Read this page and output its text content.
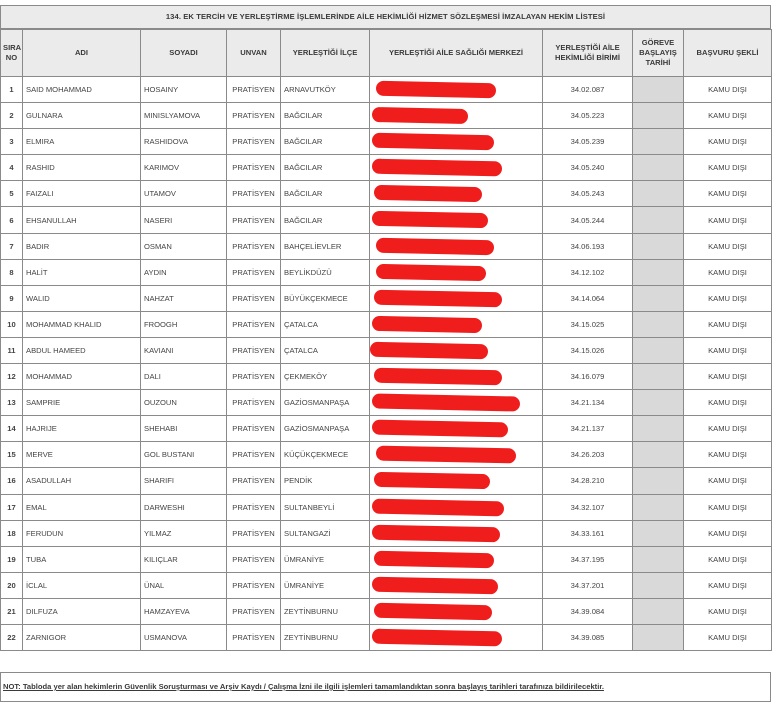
134. EK TERCİH VE YERLEŞTİRME İŞLEMLERİNDE AİLE HEKİMLİĞİ HİZMET SÖZLEŞMESİ İMZALAYAN HEKİM LİSTESİ
SIRA NO	ADI	SOYADI	UNVAN	YERLEŞTİĞİ İLÇE	YERLEŞTİĞİ AİLE SAĞLIĞI MERKEZİ	YERLEŞTİĞİ AİLE HEKİMLİĞİ BİRİMİ	GÖREVE BAŞLAYIŞ TARİHİ	BAŞVURU ŞEKLİ
1	SAID MOHAMMAD	HOSAINY	PRATİSYEN	ARNAVUTKÖY		34.02.087		KAMU DIŞI
2	GULNARA	MINISLYAMOVA	PRATİSYEN	BAĞCILAR		34.05.223		KAMU DIŞI
3	ELMIRA	RASHIDOVA	PRATİSYEN	BAĞCILAR		34.05.239		KAMU DIŞI
4	RASHID	KARIMOV	PRATİSYEN	BAĞCILAR		34.05.240		KAMU DIŞI
5	FAIZALI	UTAMOV	PRATİSYEN	BAĞCILAR		34.05.243		KAMU DIŞI
6	EHSANULLAH	NASERI	PRATİSYEN	BAĞCILAR		34.05.244		KAMU DIŞI
7	BADIR	OSMAN	PRATİSYEN	BAHÇELİEVLER		34.06.193		KAMU DIŞI
8	HALİT	AYDIN	PRATİSYEN	BEYLİKDÜZÜ		34.12.102		KAMU DIŞI
9	WALID	NAHZAT	PRATİSYEN	BÜYÜKÇEKMECE		34.14.064		KAMU DIŞI
10	MOHAMMAD KHALID	FROOGH	PRATİSYEN	ÇATALCA		34.15.025		KAMU DIŞI
11	ABDUL HAMEED	KAVIANI	PRATİSYEN	ÇATALCA		34.15.026		KAMU DIŞI
12	MOHAMMAD	DALI	PRATİSYEN	ÇEKMEKÖY		34.16.079		KAMU DIŞI
13	SAMPRIE	OUZOUN	PRATİSYEN	GAZİOSMANPAŞA		34.21.134		KAMU DIŞI
14	HAJRIJE	SHEHABI	PRATİSYEN	GAZİOSMANPAŞA		34.21.137		KAMU DIŞI
15	MERVE	GOL BUSTANI	PRATİSYEN	KÜÇÜKÇEKMECE		34.26.203		KAMU DIŞI
16	ASADULLAH	SHARIFI	PRATİSYEN	PENDİK		34.28.210		KAMU DIŞI
17	EMAL	DARWESHI	PRATİSYEN	SULTANBEYLİ		34.32.107		KAMU DIŞI
18	FERUDUN	YILMAZ	PRATİSYEN	SULTANGAZİ		34.33.161		KAMU DIŞI
19	TUBA	KILIÇLAR	PRATİSYEN	ÜMRANİYE		34.37.195		KAMU DIŞI
20	İCLAL	ÜNAL	PRATİSYEN	ÜMRANİYE		34.37.201		KAMU DIŞI
21	DILFUZA	HAMZAYEVA	PRATİSYEN	ZEYTİNBURNU		34.39.084		KAMU DIŞI
22	ZARNIGOR	USMANOVA	PRATİSYEN	ZEYTİNBURNU		34.39.085		KAMU DIŞI
NOT: Tabloda yer alan hekimlerin Güvenlik Soruşturması ve Arşiv Kaydı / Çalışma İzni ile ilgili işlemleri tamamlandıktan sonra başlayış tarihleri tarafınıza bildirilecektir.
